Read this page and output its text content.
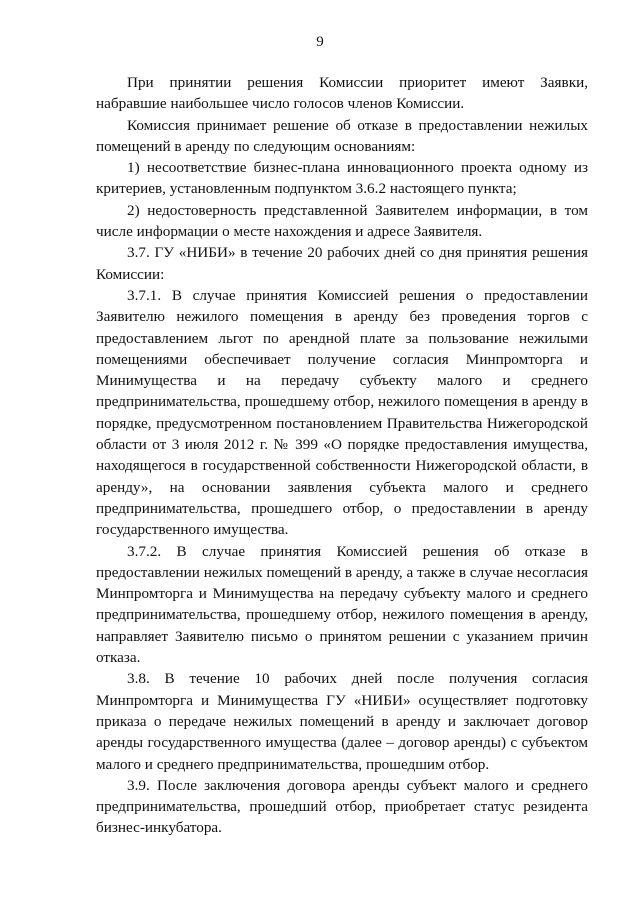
9

При принятии решения Комиссии приоритет имеют Заявки, набравшие наибольшее число голосов членов Комиссии.

Комиссия принимает решение об отказе в предоставлении нежилых помещений в аренду по следующим основаниям:

1) несоответствие бизнес-плана инновационного проекта одному из критериев, установленным подпунктом 3.6.2 настоящего пункта;

2) недостоверность представленной Заявителем информации, в том числе информации о месте нахождения и адресе Заявителя.

3.7. ГУ «НИБИ» в течение 20 рабочих дней со дня принятия решения Комиссии:

3.7.1. В случае принятия Комиссией решения о предоставлении Заявителю нежилого помещения в аренду без проведения торгов с предоставлением льгот по арендной плате за пользование нежилыми помещениями обеспечивает получение согласия Минпромторга и Минимущества и на передачу субъекту малого и среднего предпринимательства, прошедшему отбор, нежилого помещения в аренду в порядке, предусмотренном постановлением Правительства Нижегородской области от 3 июля 2012 г. № 399 «О порядке предоставления имущества, находящегося в государственной собственности Нижегородской области, в аренду», на основании заявления субъекта малого и среднего предпринимательства, прошедшего отбор, о предоставлении в аренду государственного имущества.

3.7.2. В случае принятия Комиссией решения об отказе в предоставлении нежилых помещений в аренду, а также в случае несогласия Минпромторга и Минимущества на передачу субъекту малого и среднего предпринимательства, прошедшему отбор, нежилого помещения в аренду, направляет Заявителю письмо о принятом решении с указанием причин отказа.

3.8. В течение 10 рабочих дней после получения согласия Минпромторга и Минимущества ГУ «НИБИ» осуществляет подготовку приказа о передаче нежилых помещений в аренду и заключает договор аренды государственного имущества (далее – договор аренды) с субъектом малого и среднего предпринимательства, прошедшим отбор.

3.9. После заключения договора аренды субъект малого и среднего предпринимательства, прошедший отбор, приобретает статус резидента бизнес-инкубатора.
